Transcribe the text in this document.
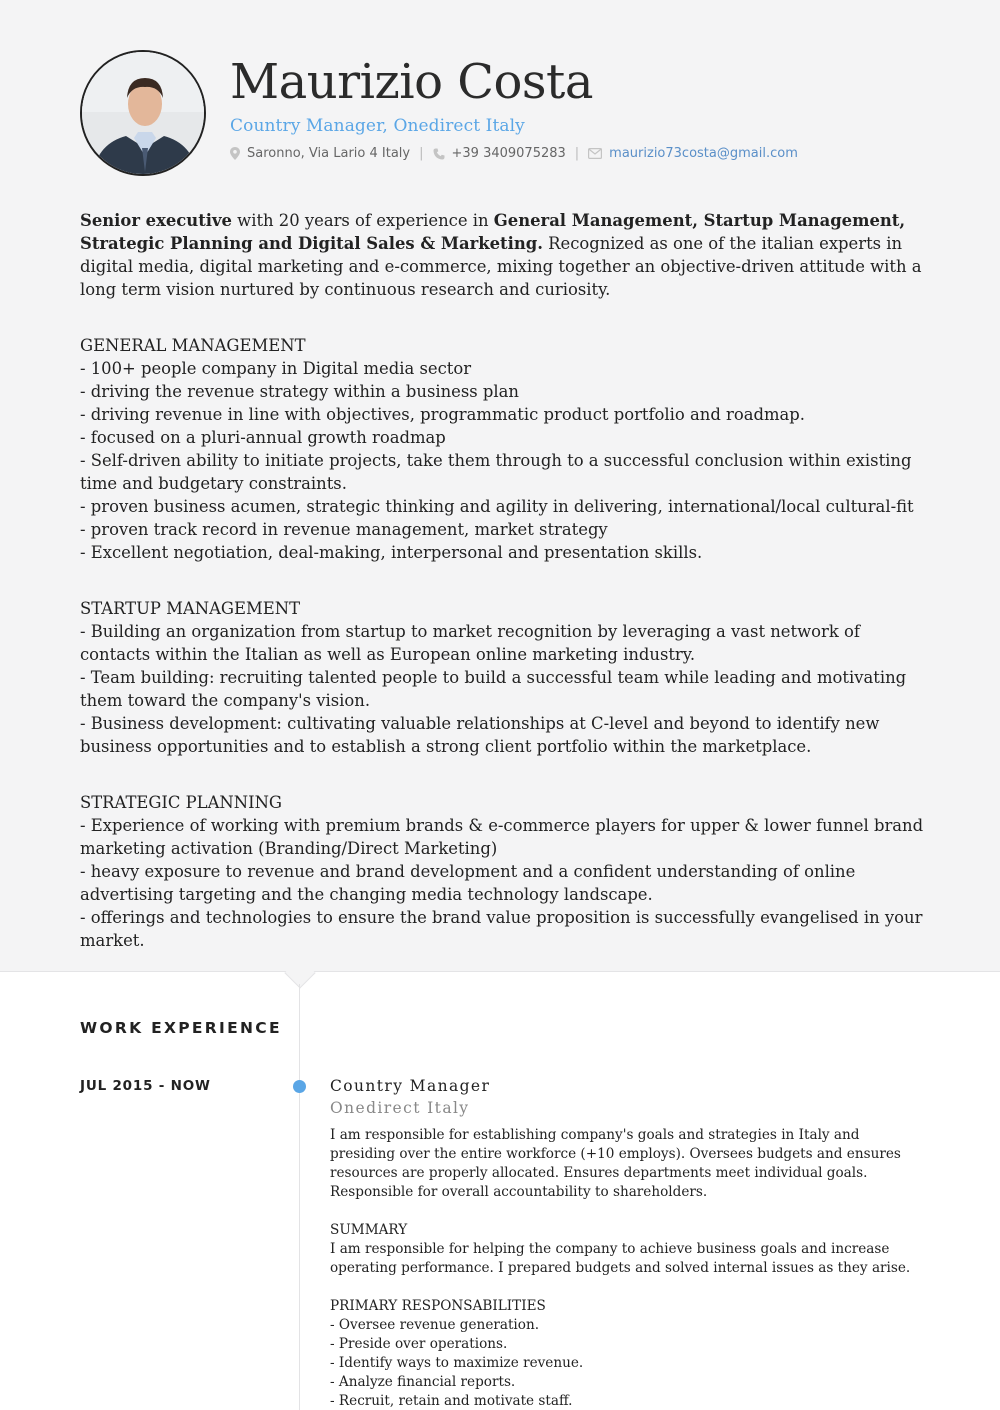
Maurizio Costa
Country Manager, Onedirect Italy
Saronno, Via Lario 4 Italy | +39 3409075283 | maurizio73costa@gmail.com
Senior executive with 20 years of experience in General Management, Startup Management, Strategic Planning and Digital Sales & Marketing. Recognized as one of the italian experts in digital media, digital marketing and e-commerce, mixing together an objective-driven attitude with a long term vision nurtured by continuous research and curiosity.
GENERAL MANAGEMENT
- 100+ people company in Digital media sector
- driving the revenue strategy within a business plan
- driving revenue in line with objectives, programmatic product portfolio and roadmap.
- focused on a pluri-annual growth roadmap
- Self-driven ability to initiate projects, take them through to a successful conclusion within existing time and budgetary constraints.
- proven business acumen, strategic thinking and agility in delivering, international/local cultural-fit
- proven track record in revenue management, market strategy
- Excellent negotiation, deal-making, interpersonal and presentation skills.
STARTUP MANAGEMENT
- Building an organization from startup to market recognition by leveraging a vast network of contacts within the Italian as well as European online marketing industry.
- Team building: recruiting talented people to build a successful team while leading and motivating them toward the company's vision.
- Business development: cultivating valuable relationships at C-level and beyond to identify new business opportunities and to establish a strong client portfolio within the marketplace.
STRATEGIC PLANNING
- Experience of working with premium brands & e-commerce players for upper & lower funnel brand marketing activation (Branding/Direct Marketing)
- heavy exposure to revenue and brand development and a confident understanding of online advertising targeting and the changing media technology landscape.
- offerings and technologies to ensure the brand value proposition is successfully evangelised in your market.
WORK EXPERIENCE
JUL 2015 - NOW	Country Manager
Onedirect Italy
I am responsible for establishing company's goals and strategies in Italy and presiding over the entire workforce (+10 employs). Oversees budgets and ensures resources are properly allocated. Ensures departments meet individual goals. Responsible for overall accountability to shareholders.
SUMMARY
I am responsible for helping the company to achieve business goals and increase operating performance. I prepared budgets and solved internal issues as they arise.
PRIMARY RESPONSABILITIES
- Oversee revenue generation.
- Preside over operations.
- Identify ways to maximize revenue.
- Analyze financial reports.
- Recruit, retain and motivate staff.
